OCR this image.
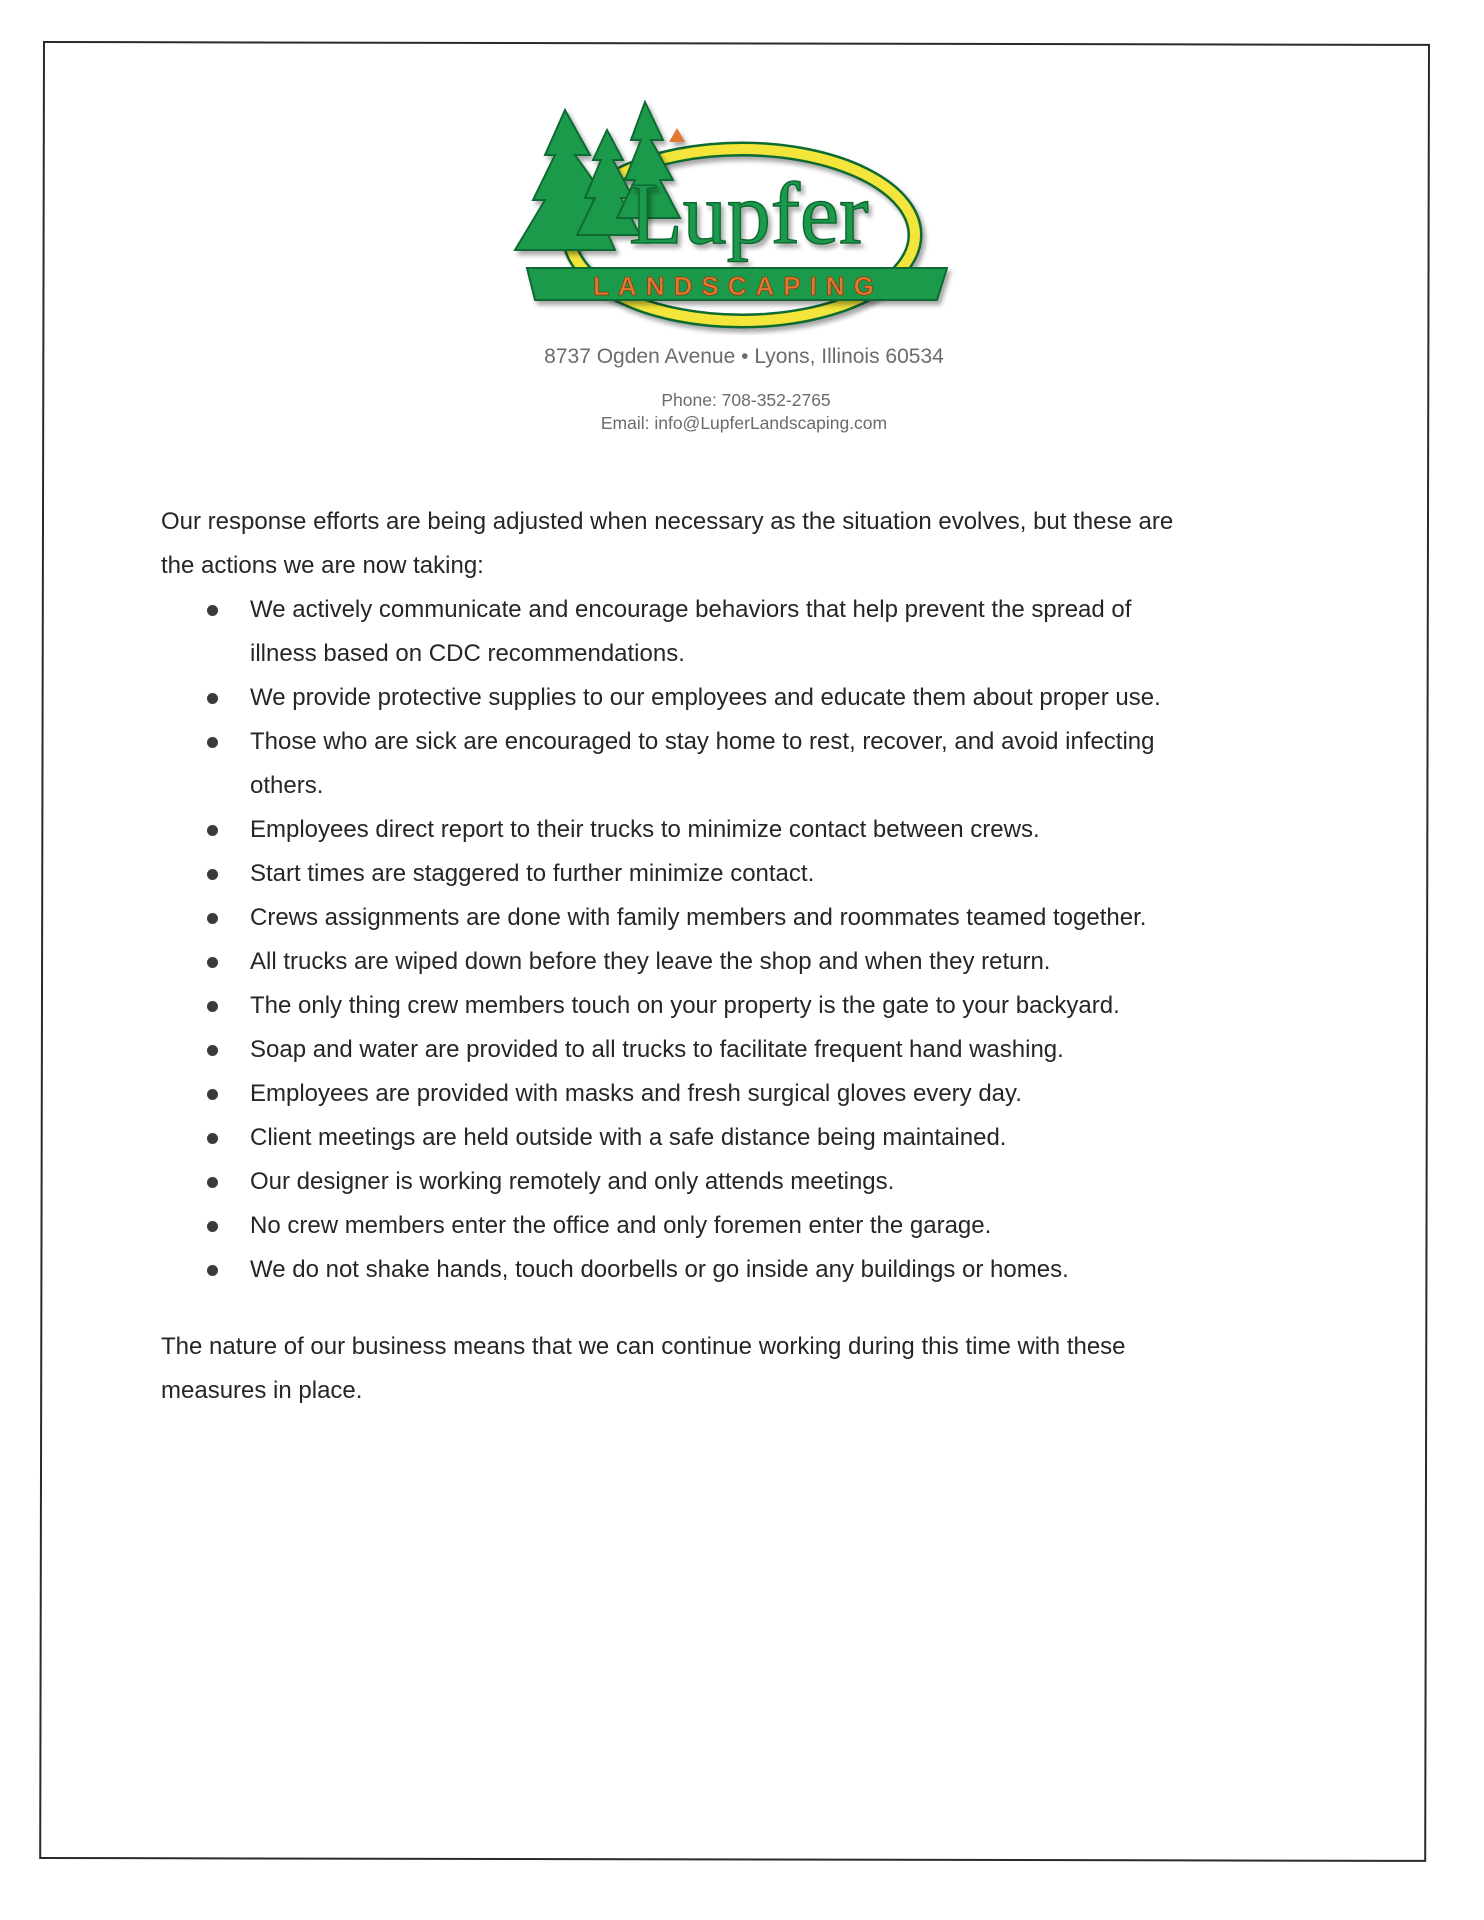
Lupfer
LANDSCAPING
8737 Ogden Avenue • Lyons, Illinois 60534
Phone: 708-352-2765
Email: info@LupferLandscaping.com

Our response efforts are being adjusted when necessary as the situation evolves, but these are
the actions we are now taking:

We actively communicate and encourage behaviors that help prevent the spread of
illness based on CDC recommendations.
We provide protective supplies to our employees and educate them about proper use.
Those who are sick are encouraged to stay home to rest, recover, and avoid infecting
others.
Employees direct report to their trucks to minimize contact between crews.
Start times are staggered to further minimize contact.
Crews assignments are done with family members and roommates teamed together.
All trucks are wiped down before they leave the shop and when they return.
The only thing crew members touch on your property is the gate to your backyard.
Soap and water are provided to all trucks to facilitate frequent hand washing.
Employees are provided with masks and fresh surgical gloves every day.
Client meetings are held outside with a safe distance being maintained.
Our designer is working remotely and only attends meetings.
No crew members enter the office and only foremen enter the garage.
We do not shake hands, touch doorbells or go inside any buildings or homes.

The nature of our business means that we can continue working during this time with these
measures in place.
